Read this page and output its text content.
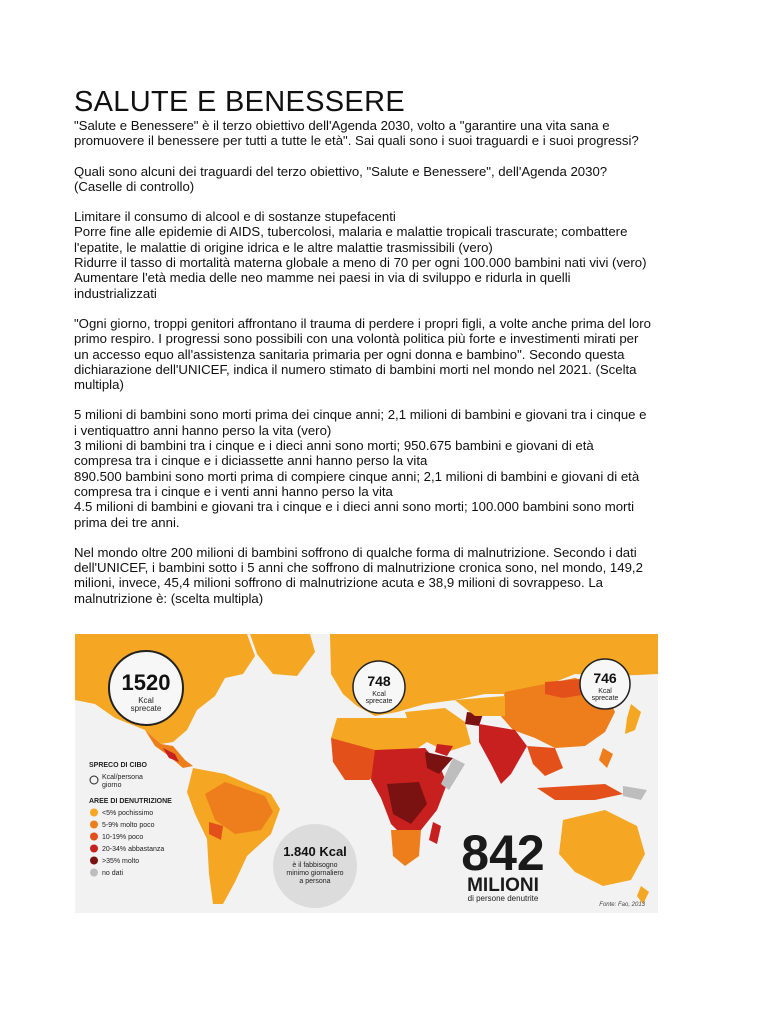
SALUTE E BENESSERE

"Salute e Benessere" è il terzo obiettivo dell'Agenda 2030, volto a "garantire una vita sana e
promuovere il benessere per tutti a tutte le età". Sai quali sono i suoi traguardi e i suoi progressi?

Quali sono alcuni dei traguardi del terzo obiettivo, "Salute e Benessere", dell'Agenda 2030?
(Caselle di controllo)

Limitare il consumo di alcool e di sostanze stupefacenti
Porre fine alle epidemie di AIDS, tubercolosi, malaria e malattie tropicali trascurate; combattere
l'epatite, le malattie di origine idrica e le altre malattie trasmissibili (vero)
Ridurre il tasso di mortalità materna globale a meno di 70 per ogni 100.000 bambini nati vivi (vero)
Aumentare l'età media delle neo mamme nei paesi in via di sviluppo e ridurla in quelli
industrializzati

"Ogni giorno, troppi genitori affrontano il trauma di perdere i propri figli, a volte anche prima del loro
primo respiro. I progressi sono possibili con una volontà politica più forte e investimenti mirati per
un accesso equo all'assistenza sanitaria primaria per ogni donna e bambino". Secondo questa
dichiarazione dell'UNICEF, indica il numero stimato di bambini morti nel mondo nel 2021. (Scelta
multipla)

5 milioni di bambini sono morti prima dei cinque anni; 2,1 milioni di bambini e giovani tra i cinque e
i ventiquattro anni hanno perso la vita (vero)
3 milioni di bambini tra i cinque e i dieci anni sono morti; 950.675 bambini e giovani di età
compresa tra i cinque e i diciassette anni hanno perso la vita
890.500 bambini sono morti prima di compiere cinque anni; 2,1 milioni di bambini e giovani di età
compresa tra i cinque e i venti anni hanno perso la vita
4.5 milioni di bambini e giovani tra i cinque e i dieci anni sono morti; 100.000 bambini sono morti
prima dei tre anni.

Nel mondo oltre 200 milioni di bambini soffrono di qualche forma di malnutrizione. Secondo i dati
dell'UNICEF, i bambini sotto i 5 anni che soffrono di malnutrizione cronica sono, nel mondo, 149,2
milioni, invece, 45,4 milioni soffrono di malnutrizione acuta e 38,9 milioni di sovrappeso. La
malnutrizione è: (scelta multipla)

1520
Kcal
sprecate
748
Kcal
sprecate
746
Kcal
sprecate
SPRECO DI CIBO
Kcal/persona
giorno
AREE DI DENUTRIZIONE
<5% pochissimo
5-9% molto poco
10-19% poco
20-34% abbastanza
>35% molto
no dati
1.840 Kcal
è il fabbisogno
minimo giornaliero
a persona
842
MILIONI
di persone denutrite
Fonte: Fao, 2013
